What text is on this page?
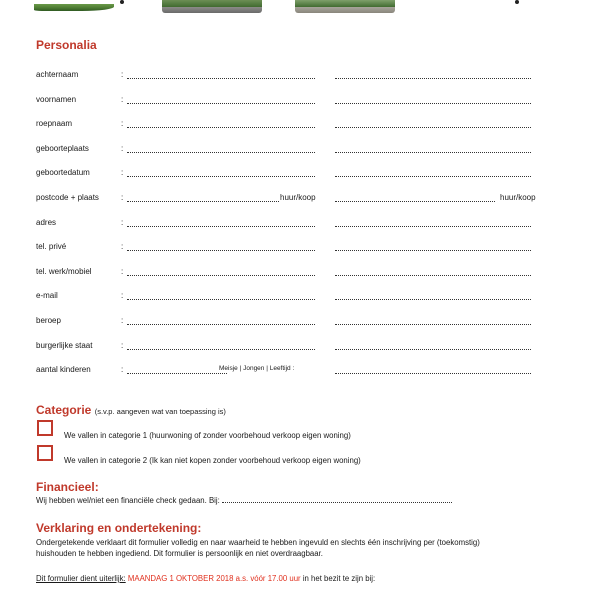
Personalia
achternaam	:
voornamen	:
roepnaam	:
geboorteplaats	:
geboortedatum	:
postcode + plaats	:	huur/koop	huur/koop
adres	:
tel. privé	:
tel. werk/mobiel	:
e-mail	:
beroep	:
burgerlijke staat	:
aantal kinderen	:	Meisje | Jongen | Leeftijd :
Categorie (s.v.p. aangeven wat van toepassing is)
We vallen in categorie 1 (huurwoning of zonder voorbehoud verkoop eigen woning)
We vallen in categorie 2 (Ik kan niet kopen zonder voorbehoud verkoop eigen woning)
Financieel:
Wij hebben wel/niet een financiële check gedaan. Bij:
Verklaring en ondertekening:
Ondergetekende verklaart dit formulier volledig en naar waarheid te hebben ingevuld en slechts één inschrijving per (toekomstig) huishouden te hebben ingediend. Dit formulier is persoonlijk en niet overdraagbaar.
Dit formulier dient uiterlijk: MAANDAG 1 OKTOBER 2018 a.s. vóór 17.00 uur in het bezit te zijn bij:
